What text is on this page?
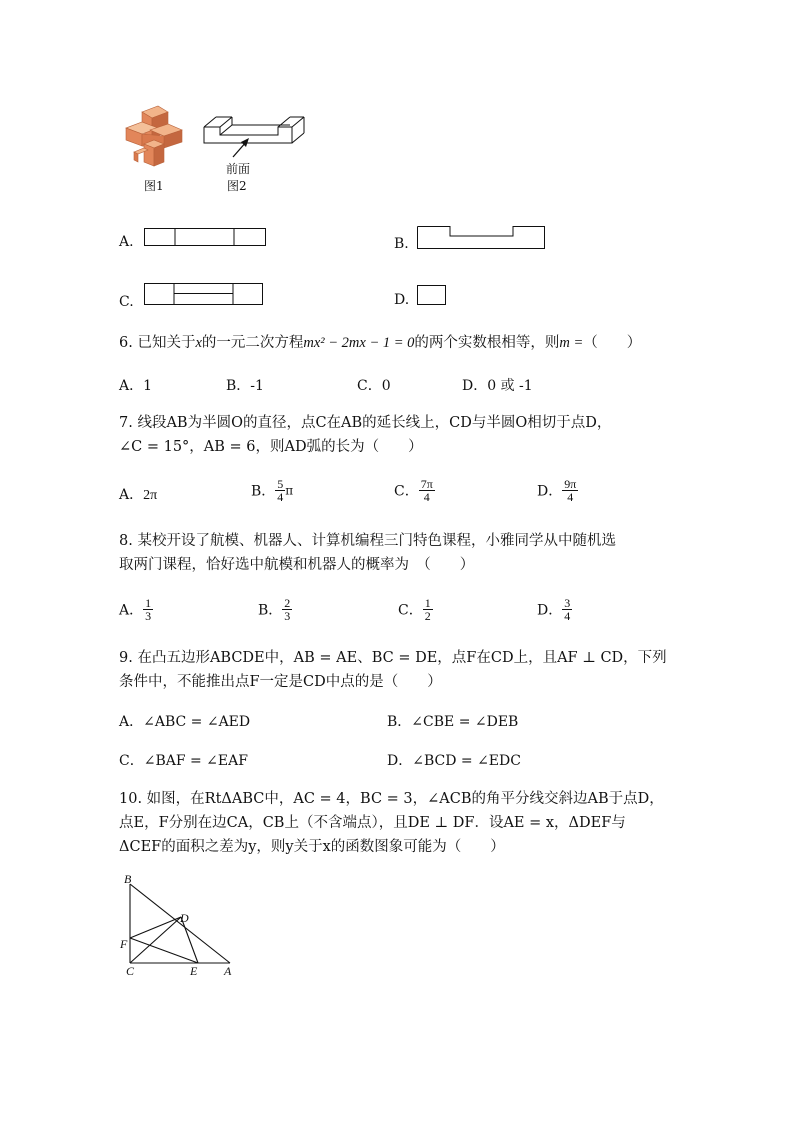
图1
前面
图2
A.	B.
C.	D.
6. 已知关于x的一元二次方程mx² − 2mx − 1 = 0的两个实数根相等，则m =（　　）
A．1	B．-1	C．0	D．0 或 -1
7. 线段AB为半圆O的直径，点C在AB的延长线上，CD与半圆O相切于点D，
∠C = 15°，AB = 6，则AD弧的长为（　　）
A．2π	B． $\frac{5}{4}$ π	C． $\frac{7\pi}{4}$	D． $\frac{9\pi}{4}$
8. 某校开设了航模、机器人、计算机编程三门特色课程，小雅同学从中随机选
取两门课程，恰好选中航模和机器人的概率为　（　　）
A． $\frac{1}{3}$	B． $\frac{2}{3}$	C． $\frac{1}{2}$	D． $\frac{3}{4}$
9. 在凸五边形ABCDE中，AB = AE、BC = DE，点F在CD上，且AF ⊥ CD，下列
条件中，不能推出点F一定是CD中点的是（　　）
A．∠ABC = ∠AED	B．∠CBE = ∠DEB
C．∠BAF = ∠EAF	D．∠BCD = ∠EDC
10. 如图，在RtΔABC中，AC = 4，BC = 3，∠ACB的角平分线交斜边AB于点D，
点E，F分别在边CA，CB上（不含端点），且DE ⊥ DF．设AE = x，ΔDEF与
ΔCEF的面积之差为y，则y关于x的函数图象可能为（　　）
B
D
F
C	E A
